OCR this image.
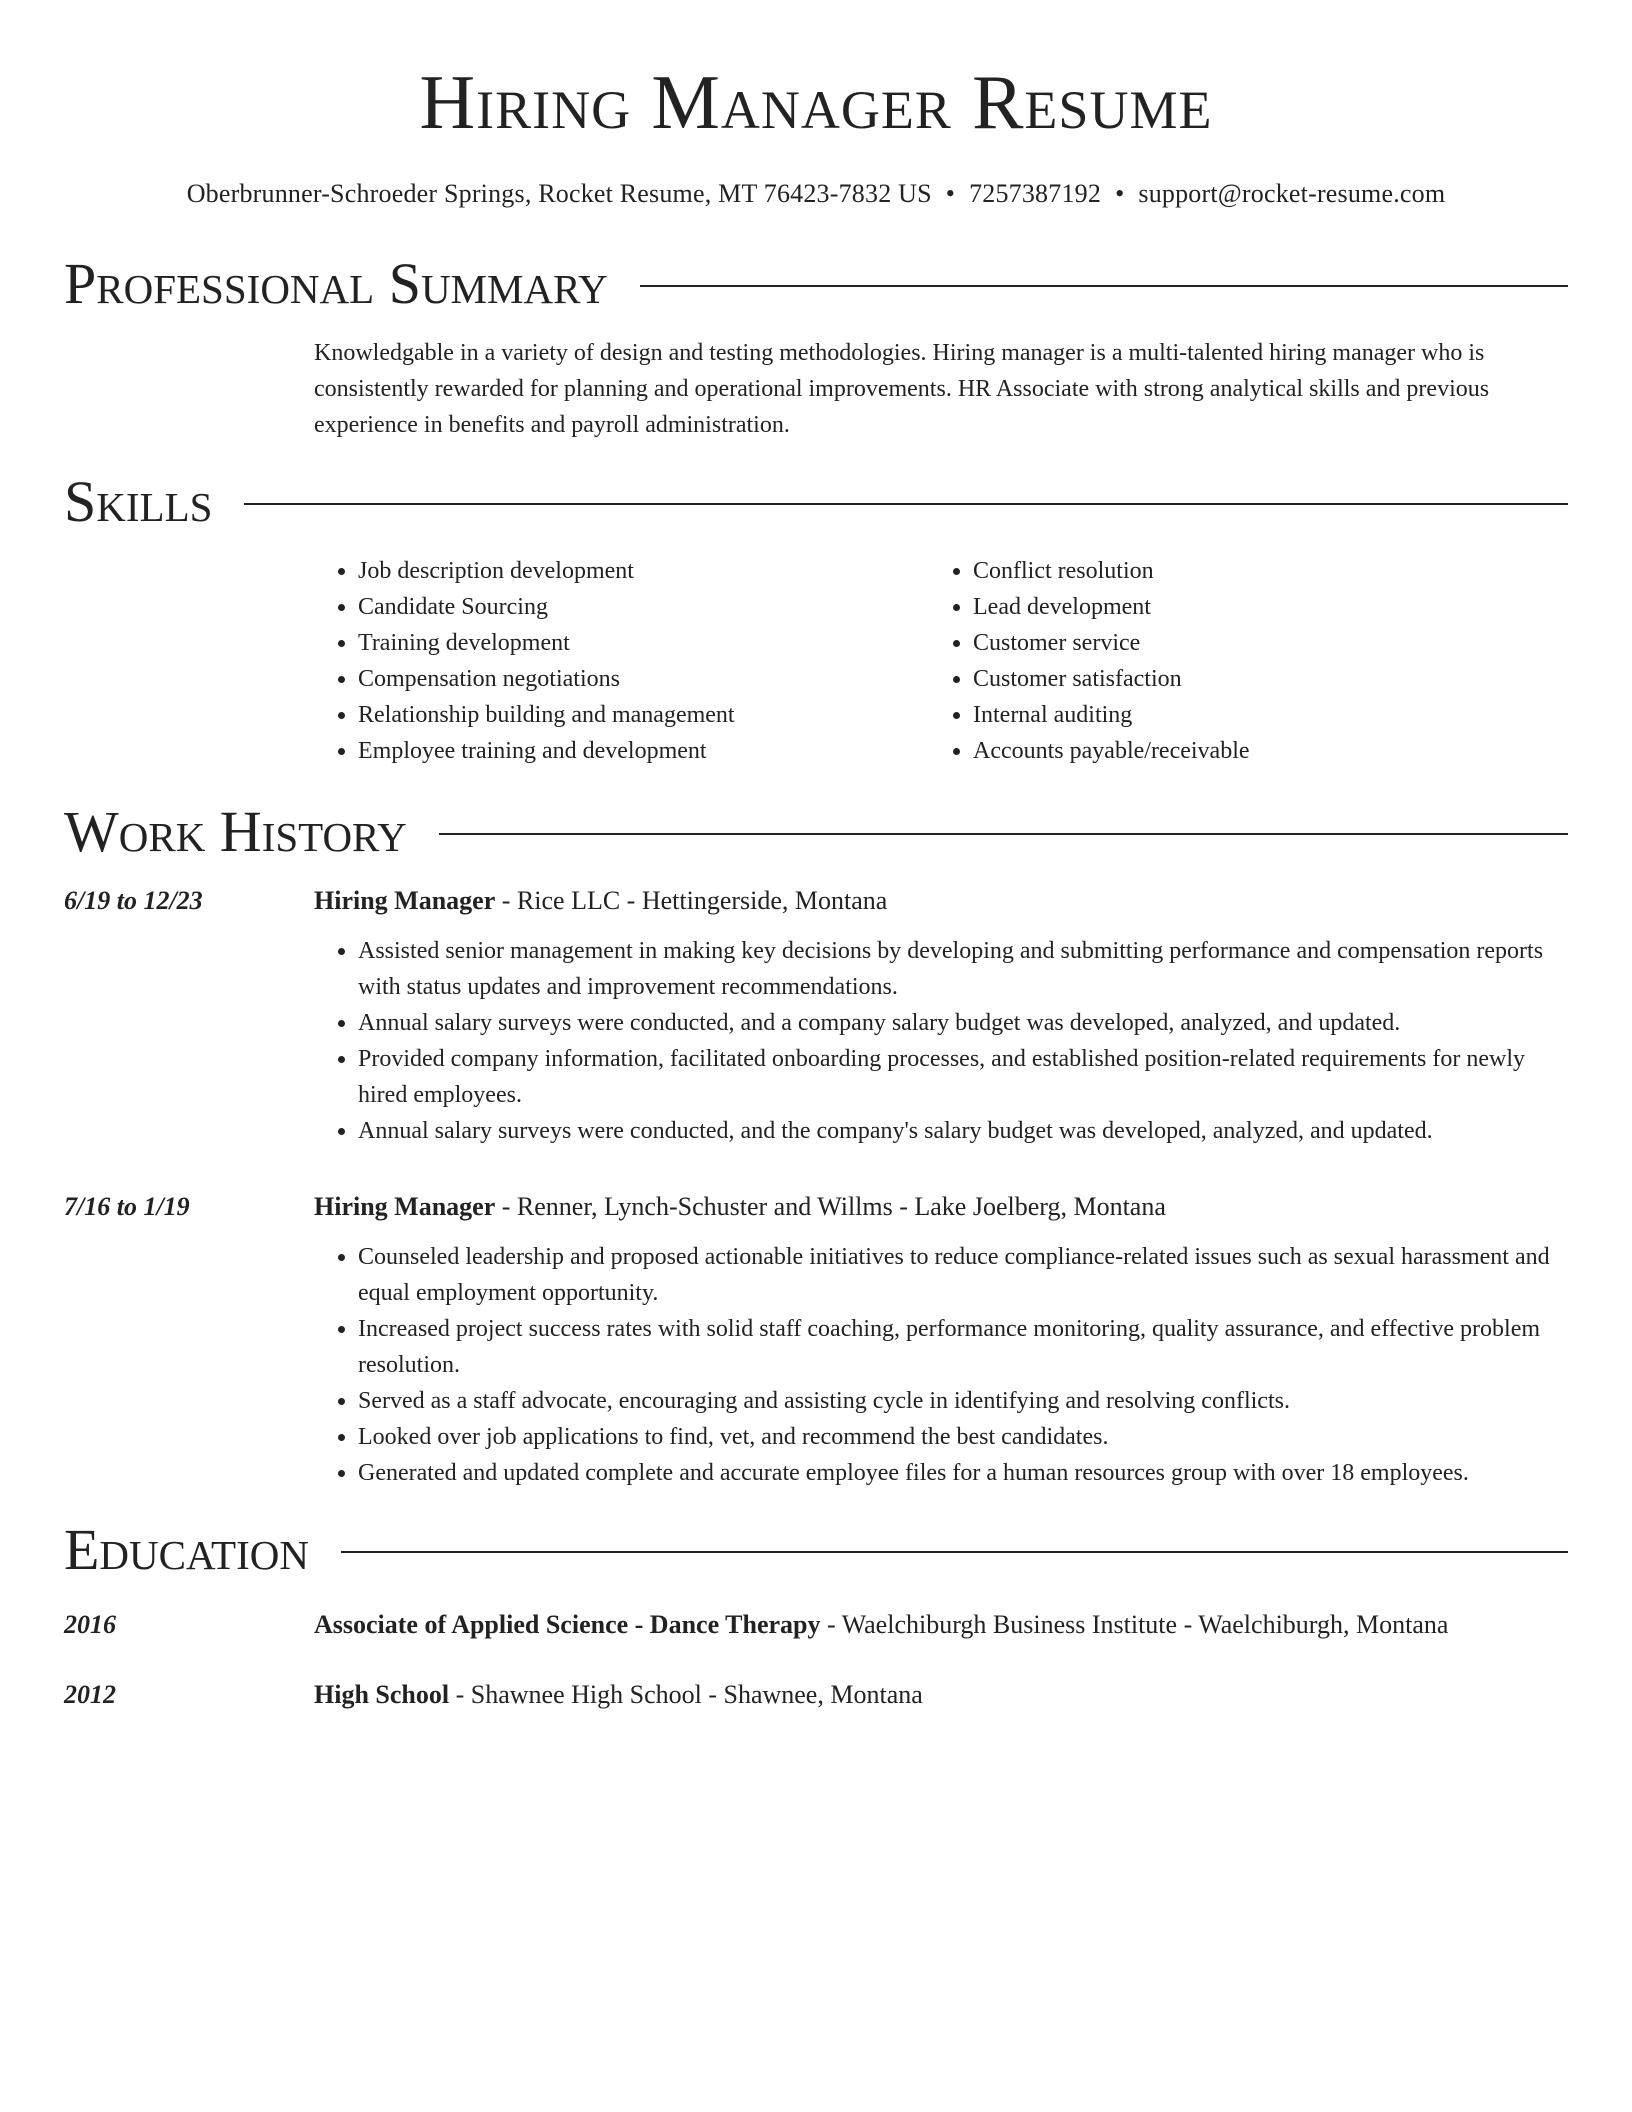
Hiring Manager Resume
Oberbrunner-Schroeder Springs, Rocket Resume, MT 76423-7832 US • 7257387192 • support@rocket-resume.com
Professional Summary
Knowledgable in a variety of design and testing methodologies. Hiring manager is a multi-talented hiring manager who is consistently rewarded for planning and operational improvements. HR Associate with strong analytical skills and previous experience in benefits and payroll administration.
Skills
• Job description development
• Candidate Sourcing
• Training development
• Compensation negotiations
• Relationship building and management
• Employee training and development
• Conflict resolution
• Lead development
• Customer service
• Customer satisfaction
• Internal auditing
• Accounts payable/receivable
Work History
6/19 to 12/23	Hiring Manager - Rice LLC - Hettingerside, Montana
• Assisted senior management in making key decisions by developing and submitting performance and compensation reports with status updates and improvement recommendations.
• Annual salary surveys were conducted, and a company salary budget was developed, analyzed, and updated.
• Provided company information, facilitated onboarding processes, and established position-related requirements for newly hired employees.
• Annual salary surveys were conducted, and the company's salary budget was developed, analyzed, and updated.
7/16 to 1/19	Hiring Manager - Renner, Lynch-Schuster and Willms - Lake Joelberg, Montana
• Counseled leadership and proposed actionable initiatives to reduce compliance-related issues such as sexual harassment and equal employment opportunity.
• Increased project success rates with solid staff coaching, performance monitoring, quality assurance, and effective problem resolution.
• Served as a staff advocate, encouraging and assisting cycle in identifying and resolving conflicts.
• Looked over job applications to find, vet, and recommend the best candidates.
• Generated and updated complete and accurate employee files for a human resources group with over 18 employees.
Education
2016	Associate of Applied Science - Dance Therapy - Waelchiburgh Business Institute - Waelchiburgh, Montana
2012	High School - Shawnee High School - Shawnee, Montana
